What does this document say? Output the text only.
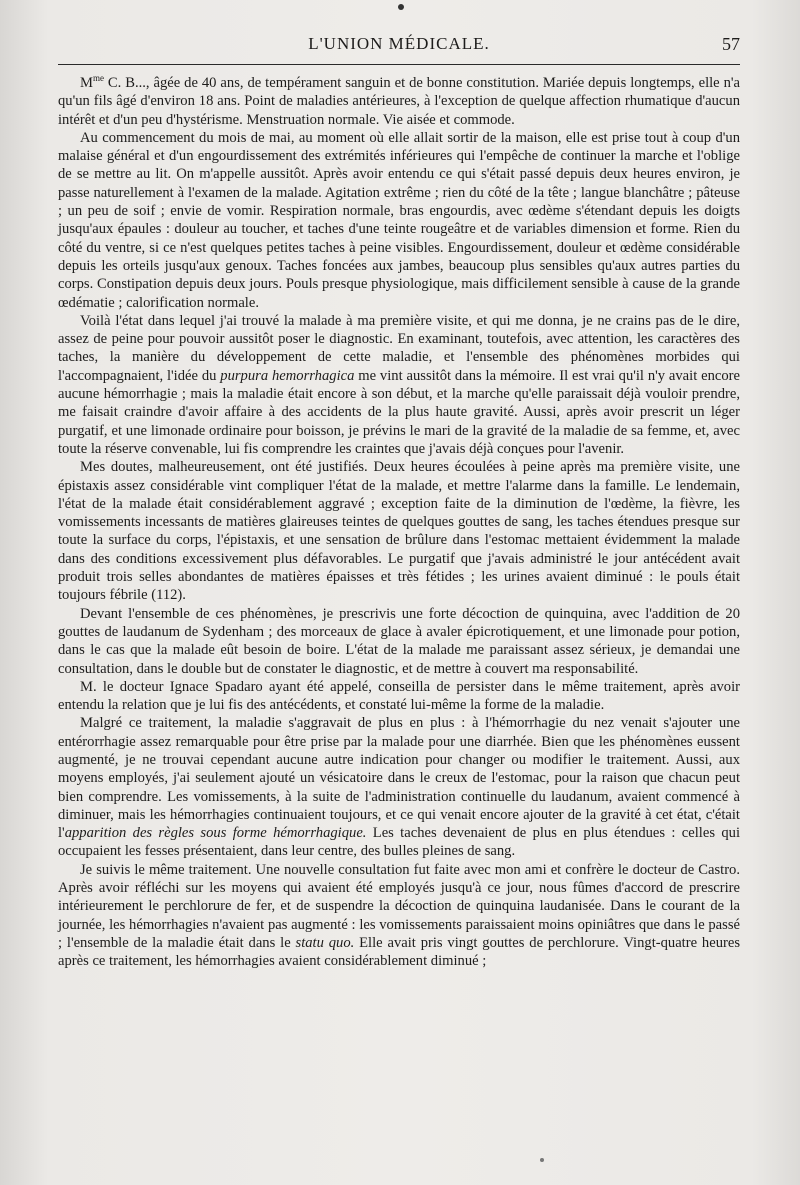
L'UNION MÉDICALE.	57

$M^{me}$ C. B..., âgée de 40 ans, de tempérament sanguin et de bonne constitution. Mariée depuis longtemps, elle n'a qu'un fils âgé d'environ 18 ans. Point de maladies antérieures, à l'exception de quelque affection rhumatique d'aucun intérêt et d'un peu d'hystérisme. Menstruation normale. Vie aisée et commode.

Au commencement du mois de mai, au moment où elle allait sortir de la maison, elle est prise tout à coup d'un malaise général et d'un engourdissement des extrémités inférieures qui l'empêche de continuer la marche et l'oblige de se mettre au lit. On m'appelle aussitôt. Après avoir entendu ce qui s'était passé depuis deux heures environ, je passe naturellement à l'examen de la malade. Agitation extrême ; rien du côté de la tête ; langue blanchâtre ; pâteuse ; un peu de soif ; envie de vomir. Respiration normale, bras engourdis, avec œdème s'étendant depuis les doigts jusqu'aux épaules : douleur au toucher, et taches d'une teinte rougeâtre et de variables dimension et forme. Rien du côté du ventre, si ce n'est quelques petites taches à peine visibles. Engourdissement, douleur et œdème considérable depuis les orteils jusqu'aux genoux. Taches foncées aux jambes, beaucoup plus sensibles qu'aux autres parties du corps. Constipation depuis deux jours. Pouls presque physiologique, mais difficilement sensible à cause de la grande œdématie ; calorification normale.

Voilà l'état dans lequel j'ai trouvé la malade à ma première visite, et qui me donna, je ne crains pas de le dire, assez de peine pour pouvoir aussitôt poser le diagnostic. En examinant, toutefois, avec attention, les caractères des taches, la manière du développement de cette maladie, et l'ensemble des phénomènes morbides qui l'accompagnaient, l'idée du purpura hemorrhagica me vint aussitôt dans la mémoire. Il est vrai qu'il n'y avait encore aucune hémorrhagie ; mais la maladie était encore à son début, et la marche qu'elle paraissait déjà vouloir prendre, me faisait craindre d'avoir affaire à des accidents de la plus haute gravité. Aussi, après avoir prescrit un léger purgatif, et une limonade ordinaire pour boisson, je prévins le mari de la gravité de la maladie de sa femme, et, avec toute la réserve convenable, lui fis comprendre les craintes que j'avais déjà conçues pour l'avenir.

Mes doutes, malheureusement, ont été justifiés. Deux heures écoulées à peine après ma première visite, une épistaxis assez considérable vint compliquer l'état de la malade, et mettre l'alarme dans la famille. Le lendemain, l'état de la malade était considérablement aggravé ; exception faite de la diminution de l'œdème, la fièvre, les vomissements incessants de matières glaireuses teintes de quelques gouttes de sang, les taches étendues presque sur toute la surface du corps, l'épistaxis, et une sensation de brûlure dans l'estomac mettaient évidemment la malade dans des conditions excessivement plus défavorables. Le purgatif que j'avais administré le jour antécédent avait produit trois selles abondantes de matières épaisses et très fétides ; les urines avaient diminué : le pouls était toujours fébrile (112).

Devant l'ensemble de ces phénomènes, je prescrivis une forte décoction de quinquina, avec l'addition de 20 gouttes de laudanum de Sydenham ; des morceaux de glace à avaler épicrotiquement, et une limonade pour potion, dans le cas que la malade eût besoin de boire. L'état de la malade me paraissant assez sérieux, je demandai une consultation, dans le double but de constater le diagnostic, et de mettre à couvert ma responsabilité.

M. le docteur Ignace Spadaro ayant été appelé, conseilla de persister dans le même traitement, après avoir entendu la relation que je lui fis des antécédents, et constaté lui-même la forme de la maladie.

Malgré ce traitement, la maladie s'aggravait de plus en plus : à l'hémorrhagie du nez venait s'ajouter une entérorrhagie assez remarquable pour être prise par la malade pour une diarrhée. Bien que les phénomènes eussent augmenté, je ne trouvai cependant aucune autre indication pour changer ou modifier le traitement. Aussi, aux moyens employés, j'ai seulement ajouté un vésicatoire dans le creux de l'estomac, pour la raison que chacun peut bien comprendre. Les vomissements, à la suite de l'administration continuelle du laudanum, avaient commencé à diminuer, mais les hémorrhagies continuaient toujours, et ce qui venait encore ajouter de la gravité à cet état, c'était l'apparition des règles sous forme hémorrhagique. Les taches devenaient de plus en plus étendues : celles qui occupaient les fesses présentaient, dans leur centre, des bulles pleines de sang.

Je suivis le même traitement. Une nouvelle consultation fut faite avec mon ami et confrère le docteur de Castro. Après avoir réfléchi sur les moyens qui avaient été employés jusqu'à ce jour, nous fûmes d'accord de prescrire intérieurement le perchlorure de fer, et de suspendre la décoction de quinquina laudanisée. Dans le courant de la journée, les hémorrhagies n'avaient pas augmenté : les vomissements paraissaient moins opiniâtres que dans le passé ; l'ensemble de la maladie était dans le statu quo. Elle avait pris vingt gouttes de perchlorure. Vingt-quatre heures après ce traitement, les hémorrhagies avaient considérablement diminué ;
